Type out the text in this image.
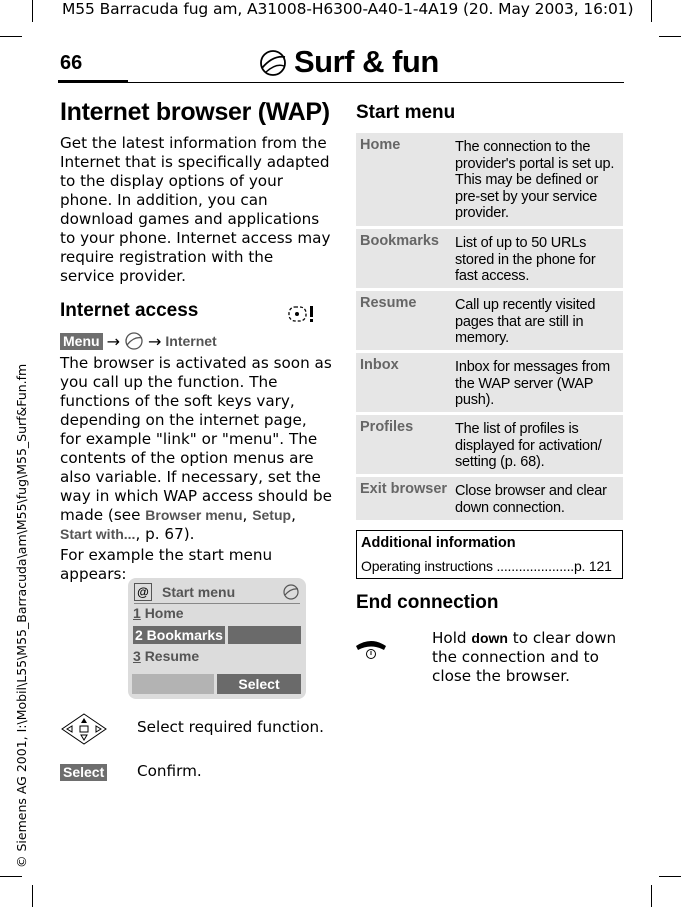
M55 Barracuda fug am, A31008-H6300-A40-1-4A19 (20. May 2003, 16:01)
© Siemens AG 2001, I:\Mobil\L55\M55_Barracuda\am\M55\fug\M55_Surf&Fun.fm
66	Surf & fun
Internet browser (WAP)
Get the latest information from the Internet that is specifically adapted to the display options of your phone. In addition, you can download games and applications to your phone. Internet access may require registration with the service provider.
Internet access
Menu → → Internet
The browser is activated as soon as you call up the function. The functions of the soft keys vary, depending on the internet page, for example "link" or "menu". The contents of the option menus are also variable. If necessary, set the way in which WAP access should be made (see Browser menu, Setup, Start with..., p. 67).
For example the start menu appears:
@ Start menu
1 Home
2 Bookmarks
3 Resume
Select
Select required function.
Select Confirm.
Start menu
Home	The connection to the provider's portal is set up. This may be defined or pre-set by your service provider.
Bookmarks	List of up to 50 URLs stored in the phone for fast access.
Resume	Call up recently visited pages that are still in memory.
Inbox	Inbox for messages from the WAP server (WAP push).
Profiles	The list of profiles is displayed for activation/ setting (p. 68).
Exit browser Close browser and clear down connection.
Additional information
Operating instructions .....................p. 121
End connection
Hold down to clear down the connection and to close the browser.
